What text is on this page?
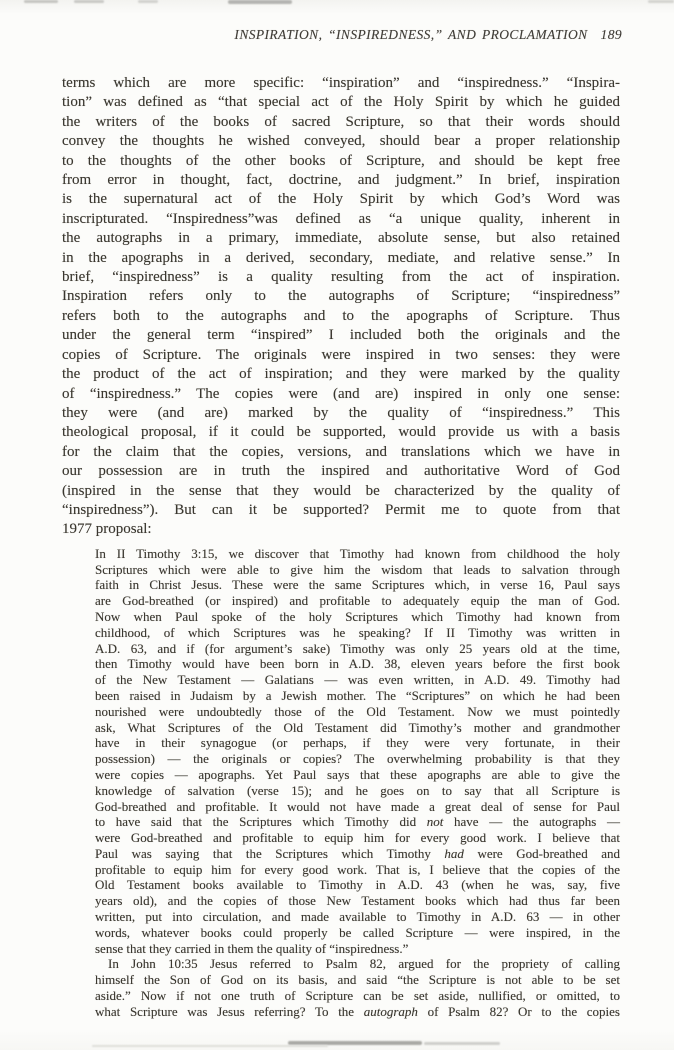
INSPIRATION, “INSPIREDNESS,” AND PROCLAMATION 189
terms which are more specific: “inspiration” and “inspiredness.” “Inspira-
tion” was defined as “that special act of the Holy Spirit by which he guided
the writers of the books of sacred Scripture, so that their words should
convey the thoughts he wished conveyed, should bear a proper relationship
to the thoughts of the other books of Scripture, and should be kept free
from error in thought, fact, doctrine, and judgment.” In brief, inspiration
is the supernatural act of the Holy Spirit by which God’s Word was
inscripturated. “Inspiredness”was defined as “a unique quality, inherent in
the autographs in a primary, immediate, absolute sense, but also retained
in the apographs in a derived, secondary, mediate, and relative sense.” In
brief, “inspiredness” is a quality resulting from the act of inspiration.
Inspiration refers only to the autographs of Scripture; “inspiredness”
refers both to the autographs and to the apographs of Scripture. Thus
under the general term “inspired” I included both the originals and the
copies of Scripture. The originals were inspired in two senses: they were
the product of the act of inspiration; and they were marked by the quality
of “inspiredness.” The copies were (and are) inspired in only one sense:
they were (and are) marked by the quality of “inspiredness.” This
theological proposal, if it could be supported, would provide us with a basis
for the claim that the copies, versions, and translations which we have in
our possession are in truth the inspired and authoritative Word of God
(inspired in the sense that they would be characterized by the quality of
“inspiredness”). But can it be supported? Permit me to quote from that
1977 proposal:
In II Timothy 3:15, we discover that Timothy had known from childhood the holy
Scriptures which were able to give him the wisdom that leads to salvation through
faith in Christ Jesus. These were the same Scriptures which, in verse 16, Paul says
are God-breathed (or inspired) and profitable to adequately equip the man of God.
Now when Paul spoke of the holy Scriptures which Timothy had known from
childhood, of which Scriptures was he speaking? If II Timothy was written in
A.D. 63, and if (for argument’s sake) Timothy was only 25 years old at the time,
then Timothy would have been born in A.D. 38, eleven years before the first book
of the New Testament — Galatians — was even written, in A.D. 49. Timothy had
been raised in Judaism by a Jewish mother. The “Scriptures” on which he had been
nourished were undoubtedly those of the Old Testament. Now we must pointedly
ask, What Scriptures of the Old Testament did Timothy’s mother and grandmother
have in their synagogue (or perhaps, if they were very fortunate, in their
possession) — the originals or copies? The overwhelming probability is that they
were copies — apographs. Yet Paul says that these apographs are able to give the
knowledge of salvation (verse 15); and he goes on to say that all Scripture is
God-breathed and profitable. It would not have made a great deal of sense for Paul
to have said that the Scriptures which Timothy did not have — the autographs —
were God-breathed and profitable to equip him for every good work. I believe that
Paul was saying that the Scriptures which Timothy had were God-breathed and
profitable to equip him for every good work. That is, I believe that the copies of the
Old Testament books available to Timothy in A.D. 43 (when he was, say, five
years old), and the copies of those New Testament books which had thus far been
written, put into circulation, and made available to Timothy in A.D. 63 — in other
words, whatever books could properly be called Scripture — were inspired, in the
sense that they carried in them the quality of “inspiredness.”
In John 10:35 Jesus referred to Psalm 82, argued for the propriety of calling
himself the Son of God on its basis, and said “the Scripture is not able to be set
aside.” Now if not one truth of Scripture can be set aside, nullified, or omitted, to
what Scripture was Jesus referring? To the autograph of Psalm 82? Or to the copies
